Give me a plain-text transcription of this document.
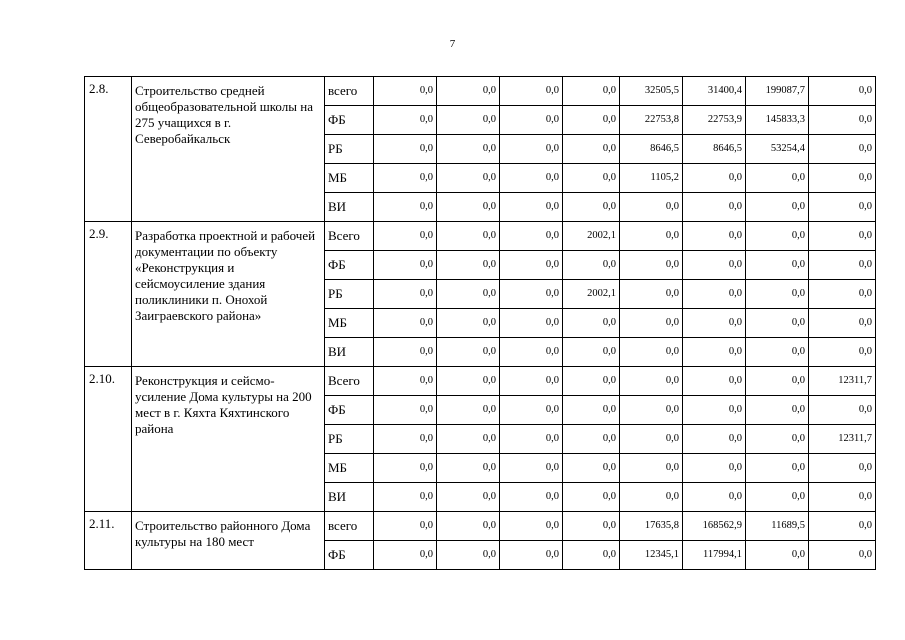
7
2.8.	Строительство средней общеобразовательной школы на 275 учащихся в г. Северобайкальск	всего	0,0	0,0	0,0	0,0	32505,5	31400,4	199087,7	0,0
		ФБ	0,0	0,0	0,0	0,0	22753,8	22753,9	145833,3	0,0
		РБ	0,0	0,0	0,0	0,0	8646,5	8646,5	53254,4	0,0
		МБ	0,0	0,0	0,0	0,0	1105,2	0,0	0,0	0,0
		ВИ	0,0	0,0	0,0	0,0	0,0	0,0	0,0	0,0
2.9.	Разработка проектной и рабочей документации по объекту «Реконструкция и сейсмоусиление здания поликлиники п. Онохой Заиграевского района»	Всего	0,0	0,0	0,0	2002,1	0,0	0,0	0,0	0,0
		ФБ	0,0	0,0	0,0	0,0	0,0	0,0	0,0	0,0
		РБ	0,0	0,0	0,0	2002,1	0,0	0,0	0,0	0,0
		МБ	0,0	0,0	0,0	0,0	0,0	0,0	0,0	0,0
		ВИ	0,0	0,0	0,0	0,0	0,0	0,0	0,0	0,0
2.10.	Реконструкция и сейсмо-усиление Дома культуры на 200 мест в г. Кяхта Кяхтинского района	Всего	0,0	0,0	0,0	0,0	0,0	0,0	0,0	12311,7
		ФБ	0,0	0,0	0,0	0,0	0,0	0,0	0,0	0,0
		РБ	0,0	0,0	0,0	0,0	0,0	0,0	0,0	12311,7
		МБ	0,0	0,0	0,0	0,0	0,0	0,0	0,0	0,0
		ВИ	0,0	0,0	0,0	0,0	0,0	0,0	0,0	0,0
2.11.	Строительство районного Дома культуры на 180 мест	всего	0,0	0,0	0,0	0,0	17635,8	168562,9	11689,5	0,0
		ФБ	0,0	0,0	0,0	0,0	12345,1	117994,1	0,0	0,0
